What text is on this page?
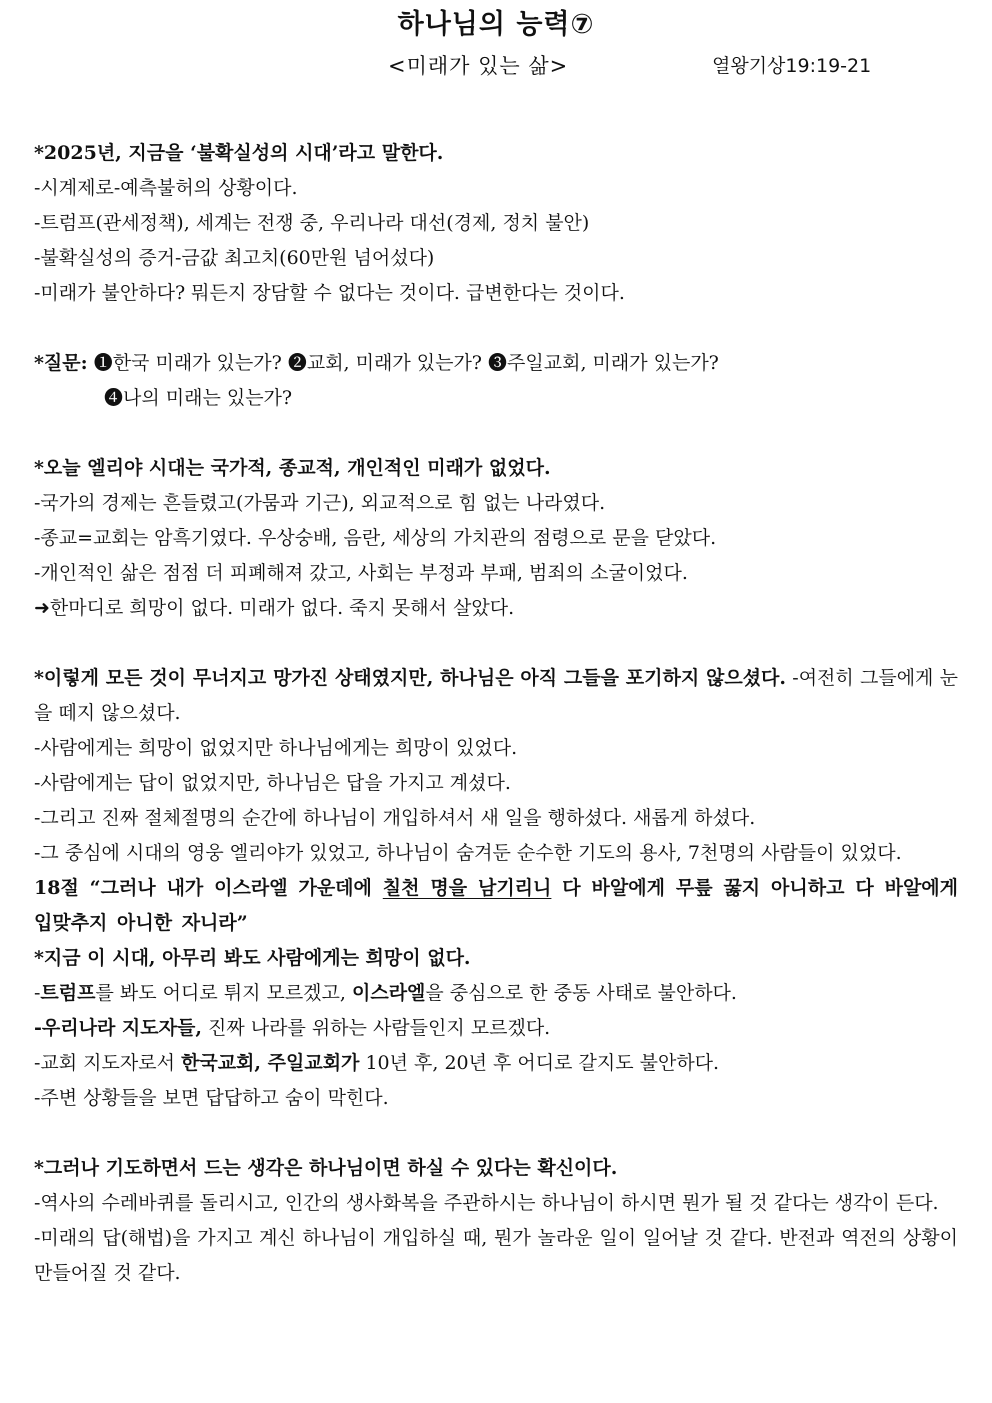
하나님의 능력⑦
<미래가 있는 삶>	열왕기상19:19-21
*2025년, 지금을 ‘불확실성의 시대’라고 말한다.
-시계제로-예측불허의 상황이다.
-트럼프(관세정책), 세계는 전쟁 중, 우리나라 대선(경제, 정치 불안)
-불확실성의 증거-금값 최고치(60만원 넘어섰다)
-미래가 불안하다? 뭐든지 장담할 수 없다는 것이다. 급변한다는 것이다.
*질문: ❶한국 미래가 있는가? ❷교회, 미래가 있는가? ❸주일교회, 미래가 있는가?
❹나의 미래는 있는가?
*오늘 엘리야 시대는 국가적, 종교적, 개인적인 미래가 없었다.
-국가의 경제는 흔들렸고(가뭄과 기근), 외교적으로 힘 없는 나라였다.
-종교=교회는 암흑기였다. 우상숭배, 음란, 세상의 가치관의 점령으로 문을 닫았다.
-개인적인 삶은 점점 더 피폐해져 갔고, 사회는 부정과 부패, 범죄의 소굴이었다.
➜한마디로 희망이 없다. 미래가 없다. 죽지 못해서 살았다.
*이렇게 모든 것이 무너지고 망가진 상태였지만, 하나님은 아직 그들을 포기하지 않으셨다. -여전히 그들에게 눈을 떼지 않으셨다.
-사람에게는 희망이 없었지만 하나님에게는 희망이 있었다.
-사람에게는 답이 없었지만, 하나님은 답을 가지고 계셨다.
-그리고 진짜 절체절명의 순간에 하나님이 개입하셔서 새 일을 행하셨다. 새롭게 하셨다.
-그 중심에 시대의 영웅 엘리야가 있었고, 하나님이 숨겨둔 순수한 기도의 용사, 7천명의 사람들이 있었다.
18절 “그러나 내가 이스라엘 가운데에 칠천 명을 남기리니 다 바알에게 무릎 꿇지 아니하고 다 바알에게 입맞추지 아니한 자니라”
*지금 이 시대, 아무리 봐도 사람에게는 희망이 없다.
-트럼프를 봐도 어디로 튀지 모르겠고, 이스라엘을 중심으로 한 중동 사태로 불안하다.
-우리나라 지도자들, 진짜 나라를 위하는 사람들인지 모르겠다.
-교회 지도자로서 한국교회, 주일교회가 10년 후, 20년 후 어디로 갈지도 불안하다.
-주변 상황들을 보면 답답하고 숨이 막힌다.
*그러나 기도하면서 드는 생각은 하나님이면 하실 수 있다는 확신이다.
-역사의 수레바퀴를 돌리시고, 인간의 생사화복을 주관하시는 하나님이 하시면 뭔가 될 것 같다는 생각이 든다.
-미래의 답(해법)을 가지고 계신 하나님이 개입하실 때, 뭔가 놀라운 일이 일어날 것 같다. 반전과 역전의 상황이 만들어질 것 같다.
